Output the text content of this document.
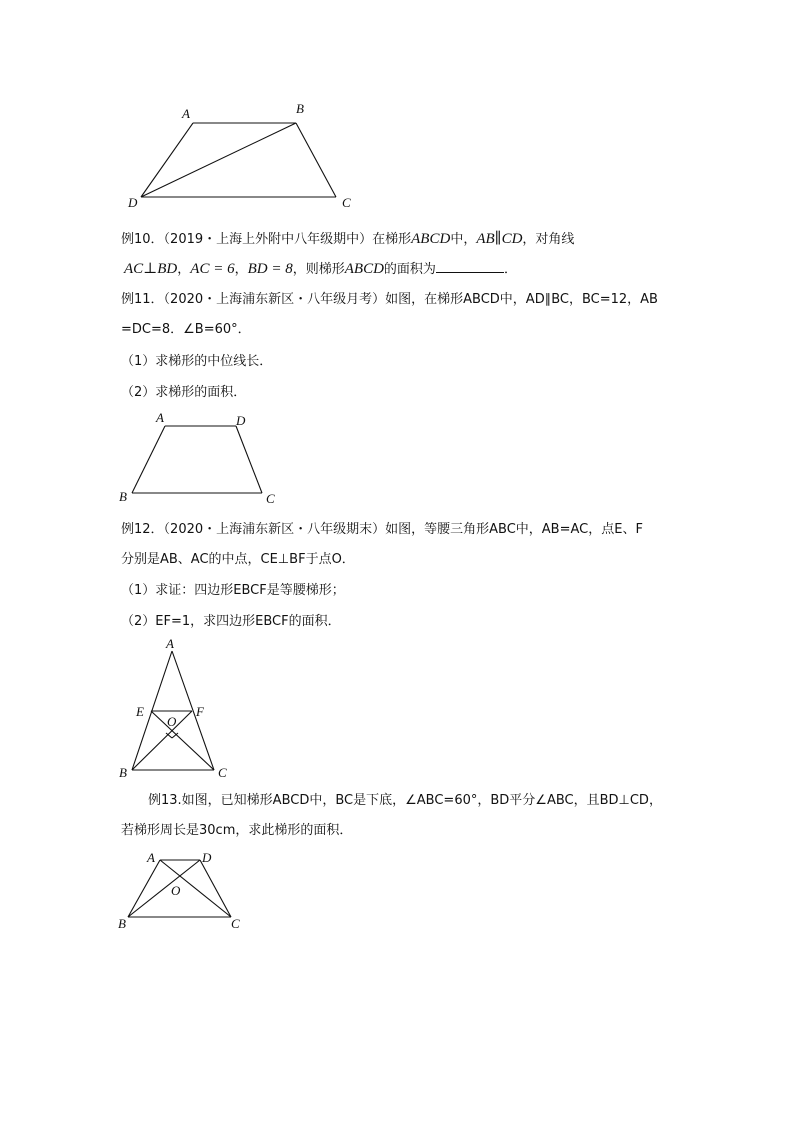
A	B
C
D
例10．（2019・上海上外附中八年级期中）在梯形ABCD中，AB∥CD，对角线
AC⊥BD，AC = 6，BD = 8，则梯形ABCD的面积为	．
例11．（2020・上海浦东新区・八年级月考）如图，在梯形ABCD中，AD∥BC，BC=12，AB
=DC=8．∠B=60°．
（1）求梯形的中位线长．
（2）求梯形的面积．
A	D
B	C
例12．（2020・上海浦东新区・八年级期末）如图，等腰三角形ABC中，AB=AC，点E、F
分别是AB、AC的中点，CE⊥BF于点O．
（1）求证：四边形EBCF是等腰梯形；
（2）EF=1，求四边形EBCF的面积．
A
E	F
O
B	C
例13.如图，已知梯形ABCD中，BC是下底，∠ABC=60°，BD平分∠ABC，且BD⊥CD，
若梯形周长是30cm，求此梯形的面积．
A	D
O
B	C
